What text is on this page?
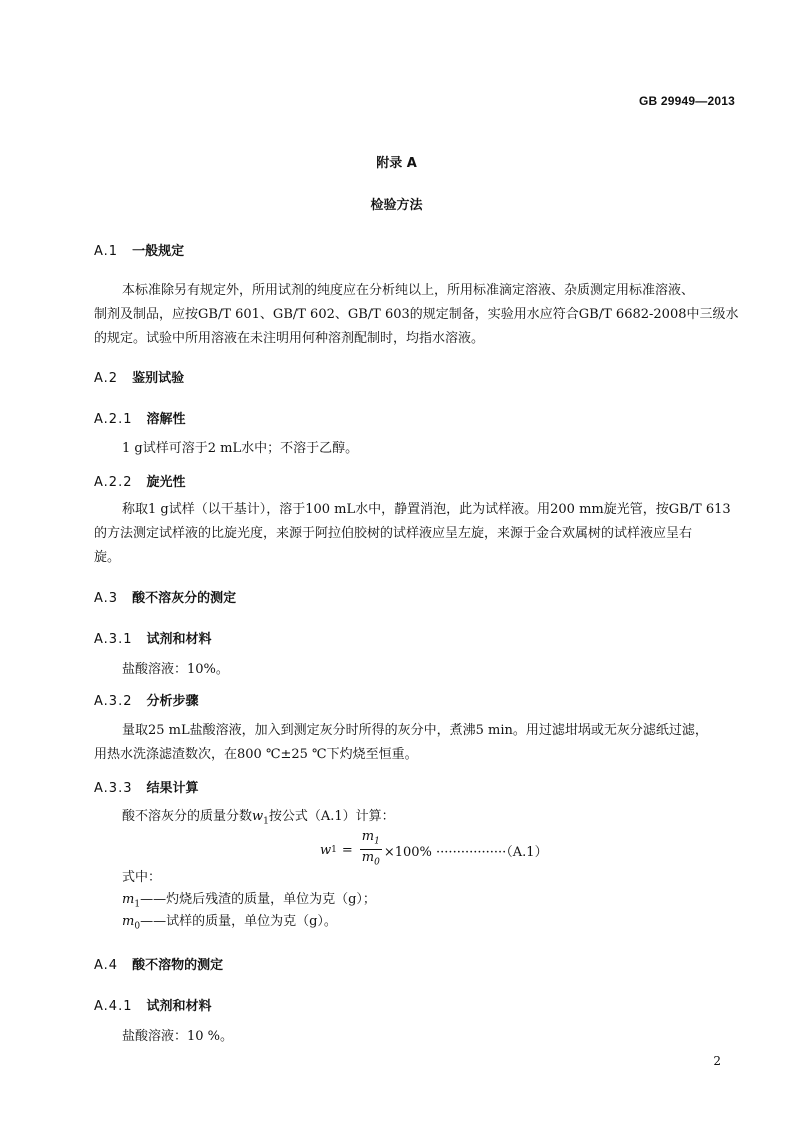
GB 29949—2013
附录 A
检验方法
A.1 一般规定
本标准除另有规定外，所用试剂的纯度应在分析纯以上，所用标准滴定溶液、杂质测定用标准溶液、
制剂及制品，应按GB/T 601、GB/T 602、GB/T 603的规定制备，实验用水应符合GB/T 6682-2008中三级水
的规定。试验中所用溶液在未注明用何种溶剂配制时，均指水溶液。
A.2 鉴别试验
A.2.1 溶解性
1 g试样可溶于2 mL水中；不溶于乙醇。
A.2.2 旋光性
称取1 g试样（以干基计），溶于100 mL水中，静置消泡，此为试样液。用200 mm旋光管，按GB/T 613
的方法测定试样液的比旋光度，来源于阿拉伯胶树的试样液应呈左旋，来源于金合欢属树的试样液应呈右
旋。
A.3 酸不溶灰分的测定
A.3.1 试剂和材料
盐酸溶液：10%。
A.3.2 分析步骤
量取25 mL盐酸溶液，加入到测定灰分时所得的灰分中，煮沸5 min。用过滤坩埚或无灰分滤纸过滤，
用热水洗涤滤渣数次，在800 ℃±25 ℃下灼烧至恒重。
A.3.3 结果计算
酸不溶灰分的质量分数$w_1$按公式（A.1）计算：
w $1 = \frac{m_1}{m_0} \times 100\% \cdot\cdot\cdot\cdot\cdot\cdot\cdot\cdot\cdot\cdot\cdot\cdot\cdot\cdot\cdot\cdot\cdot(A.1)$
式中：
$m_1——$灼烧后残渣的质量，单位为克（g）；
$m_0——$试样的质量，单位为克（g）。
A.4 酸不溶物的测定
A.4.1 试剂和材料
盐酸溶液：10 %。
2
